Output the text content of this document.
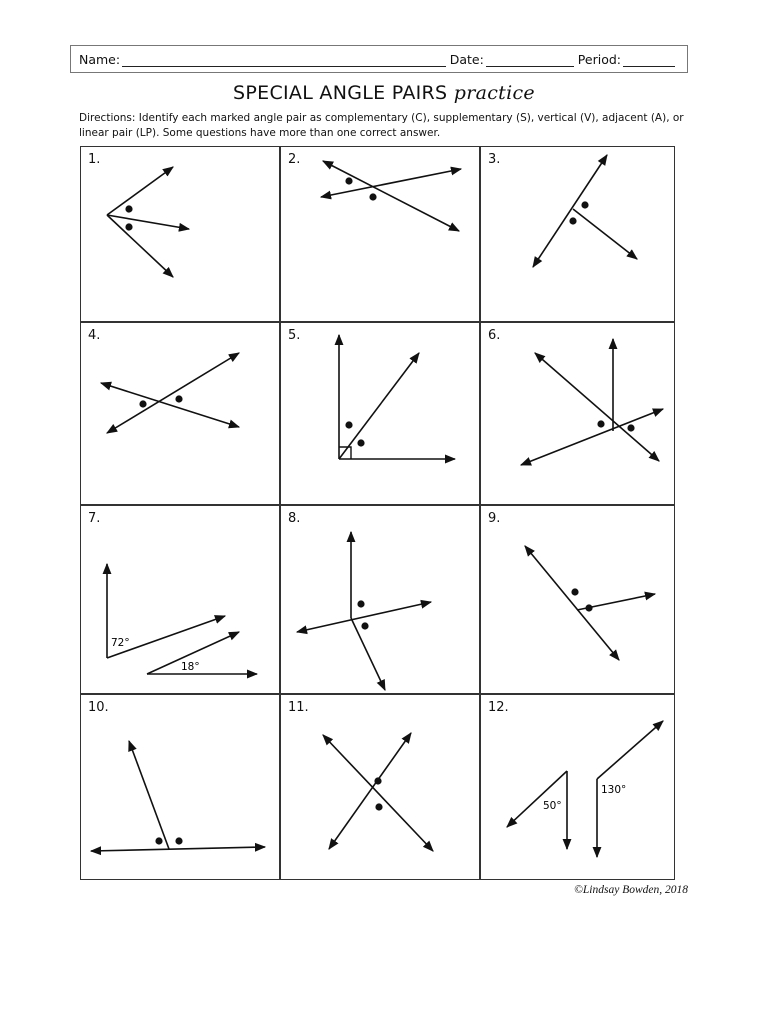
Name:	Date:	Period:
SPECIAL ANGLE PAIRS practice
Directions: Identify each marked angle pair as complementary (C), supplementary (S), vertical (V), adjacent (A), or linear pair (LP). Some questions have more than one correct answer.
1.	2.	3.
4.	5.	6.
7.
72°
18°
8.	9.
10.	11.	12.
50°
130°
©Lindsay Bowden, 2018
